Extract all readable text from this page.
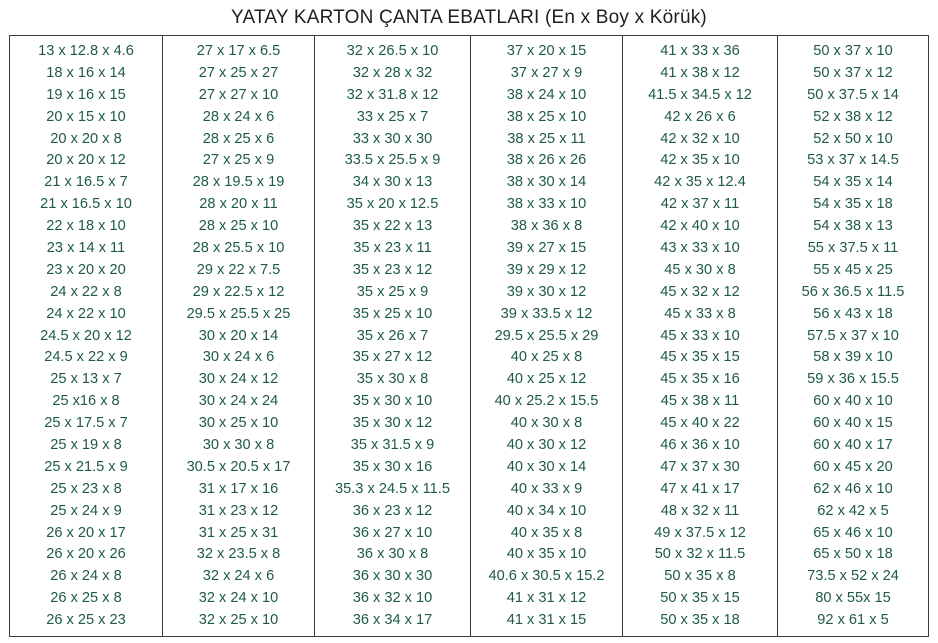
YATAY KARTON ÇANTA EBATLARI (En x Boy x Körük)
13 x 12.8 x 4.6
18 x 16 x 14
19 x 16 x 15
20 x 15 x 10
20 x 20 x 8
20 x 20 x 12
21 x 16.5 x 7
21 x 16.5 x 10
22 x 18 x 10
23 x 14 x 11
23 x 20 x 20
24 x 22 x 8
24 x 22 x 10
24.5 x 20 x 12
24.5 x 22 x 9
25 x 13 x 7
25 x16 x 8
25 x 17.5 x 7
25 x 19 x 8
25 x 21.5 x 9
25 x 23 x 8
25 x 24 x 9
26 x 20 x 17
26 x 20 x 26
26 x 24 x 8
26 x 25 x 8
26 x 25 x 23
27 x 17 x 6.5
27 x 25 x 27
27 x 27 x 10
28 x 24 x 6
28 x 25 x 6
27 x 25 x 9
28 x 19.5 x 19
28 x 20 x 11
28 x 25 x 10
28 x 25.5 x 10
29 x 22 x 7.5
29 x 22.5 x 12
29.5 x 25.5 x 25
30 x 20 x 14
30 x 24 x 6
30 x 24 x 12
30 x 24 x 24
30 x 25 x 10
30 x 30 x 8
30.5 x 20.5 x 17
31 x 17 x 16
31 x 23 x 12
31 x 25 x 31
32 x 23.5 x 8
32 x 24 x 6
32 x 24 x 10
32 x 25 x 10
32 x 26.5 x 10
32 x 28 x 32
32 x 31.8 x 12
33 x 25 x 7
33 x 30 x 30
33.5 x 25.5 x 9
34 x 30 x 13
35 x 20 x 12.5
35 x 22 x 13
35 x 23 x 11
35 x 23 x 12
35 x 25 x 9
35 x 25 x 10
35 x 26 x 7
35 x 27 x 12
35 x 30 x 8
35 x 30 x 10
35 x 30 x 12
35 x 31.5 x 9
35 x 30 x 16
35.3 x 24.5 x 11.5
36 x 23 x 12
36 x 27 x 10
36 x 30 x 8
36 x 30 x 30
36 x 32 x 10
36 x 34 x 17
37 x 20 x 15
37 x 27 x 9
38 x 24 x 10
38 x 25 x 10
38 x 25 x 11
38 x 26 x 26
38 x 30 x 14
38 x 33 x 10
38 x 36 x 8
39 x 27 x 15
39 x 29 x 12
39 x 30 x 12
39 x 33.5 x 12
29.5 x 25.5 x 29
40 x 25 x 8
40 x 25 x 12
40 x 25.2 x 15.5
40 x 30 x 8
40 x 30 x 12
40 x 30 x 14
40 x 33 x 9
40 x 34 x 10
40 x 35 x 8
40 x 35 x 10
40.6 x 30.5 x 15.2
41 x 31 x 12
41 x 31 x 15
41 x 33 x 36
41 x 38 x 12
41.5 x 34.5 x 12
42 x 26 x 6
42 x 32 x 10
42 x 35 x 10
42 x 35 x 12.4
42 x 37 x 11
42 x 40 x 10
43 x 33 x 10
45 x 30 x 8
45 x 32 x 12
45 x 33 x 8
45 x 33 x 10
45 x 35 x 15
45 x 35 x 16
45 x 38 x 11
45 x 40 x 22
46 x 36 x 10
47 x 37 x 30
47 x 41 x 17
48 x 32 x 11
49 x 37.5 x 12
50 x 32 x 11.5
50 x 35 x 8
50 x 35 x 15
50 x 35 x 18
50 x 37 x 10
50 x 37 x 12
50 x 37.5 x 14
52 x 38 x 12
52 x 50 x 10
53 x 37 x 14.5
54 x 35 x 14
54 x 35 x 18
54 x 38 x 13
55 x 37.5 x 11
55 x 45 x 25
56 x 36.5 x 11.5
56 x 43 x 18
57.5 x 37 x 10
58 x 39 x 10
59 x 36 x 15.5
60 x 40 x 10
60 x 40 x 15
60 x 40 x 17
60 x 45 x 20
62 x 46 x 10
62 x 42 x 5
65 x 46 x 10
65 x 50 x 18
73.5 x 52 x 24
80 x 55x 15
92 x 61 x 5
